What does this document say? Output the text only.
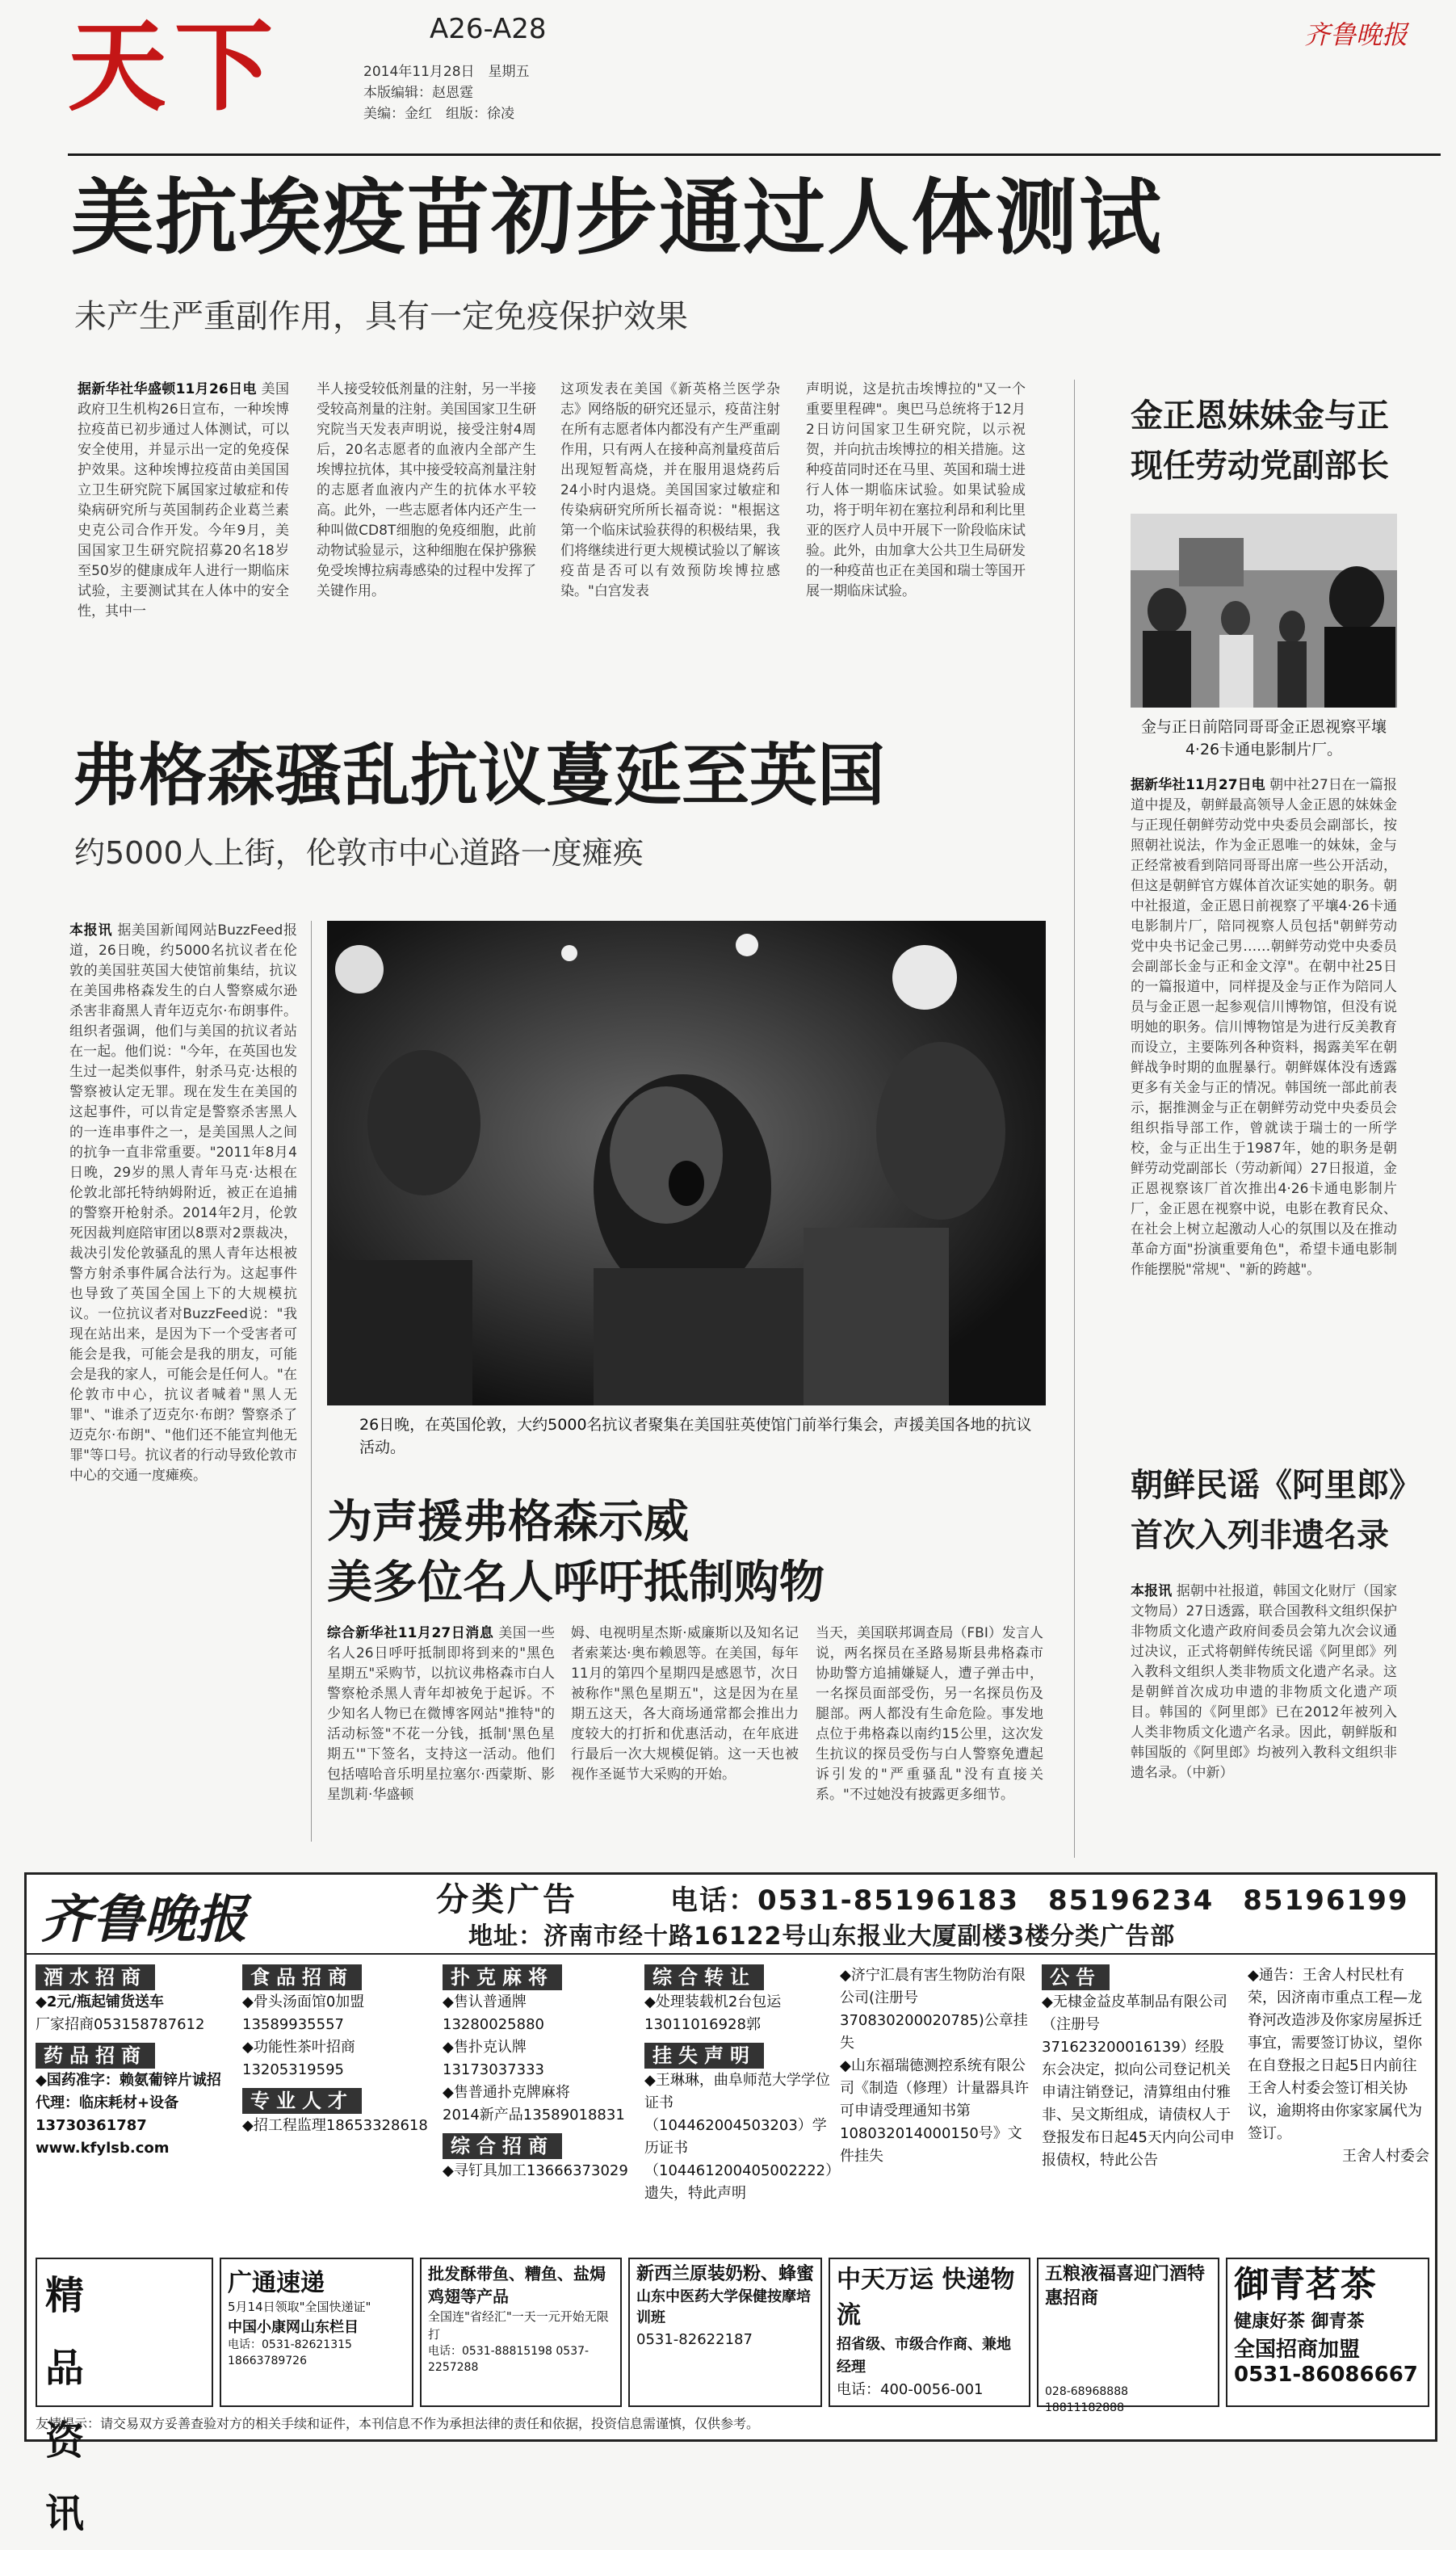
天下	A26-A28
2014年11月28日　星期五
本版编辑：赵恩霆
美编：金红　组版：徐凌
齐鲁晚报
美抗埃疫苗初步通过人体测试
未产生严重副作用，具有一定免疫保护效果
据新华社华盛顿11月26日电 美国政府卫生机构26日宣布，一种埃博拉疫苗已初步通过人体测试，可以安全使用，并显示出一定的免疫保护效果。这种埃博拉疫苗由美国国立卫生研究院下属国家过敏症和传染病研究所与英国制药企业葛兰素史克公司合作开发。今年9月，美国国家卫生研究院招募20名18岁至50岁的健康成年人进行一期临床试验，主要测试其在人体中的安全性，其中一
半人接受较低剂量的注射，另一半接受较高剂量的注射。美国国家卫生研究院当天发表声明说，接受注射4周后，20名志愿者的血液内全部产生埃博拉抗体，其中接受较高剂量注射的志愿者血液内产生的抗体水平较高。此外，一些志愿者体内还产生一种叫做CD8T细胞的免疫细胞，此前动物试验显示，这种细胞在保护猕猴免受埃博拉病毒感染的过程中发挥了关键作用。
这项发表在美国《新英格兰医学杂志》网络版的研究还显示，疫苗注射在所有志愿者体内都没有产生严重副作用，只有两人在接种高剂量疫苗后出现短暂高烧，并在服用退烧药后24小时内退烧。美国国家过敏症和传染病研究所所长福奇说："根据这第一个临床试验获得的积极结果，我们将继续进行更大规模试验以了解该疫苗是否可以有效预防埃博拉感染。"白宫发表
声明说，这是抗击埃博拉的"又一个重要里程碑"。奥巴马总统将于12月2日访问国家卫生研究院，以示祝贺，并向抗击埃博拉的相关措施。这种疫苗同时还在马里、英国和瑞士进行人体一期临床试验。如果试验成功，将于明年初在塞拉利昂和利比里亚的医疗人员中开展下一阶段临床试验。此外，由加拿大公共卫生局研发的一种疫苗也正在美国和瑞士等国开展一期临床试验。
金正恩妹妹金与正
现任劳动党副部长
金与正日前陪同哥哥金正恩视察平壤4·26卡通电影制片厂。
据新华社11月27日电 朝中社27日在一篇报道中提及，朝鲜最高领导人金正恩的妹妹金与正现任朝鲜劳动党中央委员会副部长，按照朝社说法，作为金正恩唯一的妹妹，金与正经常被看到陪同哥哥出席一些公开活动，但这是朝鲜官方媒体首次证实她的职务。朝中社报道，金正恩日前视察了平壤4·26卡通电影制片厂，陪同视察人员包括"朝鲜劳动党中央书记金己男……朝鲜劳动党中央委员会副部长金与正和金文淳"。在朝中社25日的一篇报道中，同样提及金与正作为陪同人员与金正恩一起参观信川博物馆，但没有说明她的职务。信川博物馆是为进行反美教育而设立，主要陈列各种资料，揭露美军在朝鲜战争时期的血腥暴行。朝鲜媒体没有透露更多有关金与正的情况。韩国统一部此前表示，据推测金与正在朝鲜劳动党中央委员会组织指导部工作，曾就读于瑞士的一所学校，金与正出生于1987年，她的职务是朝鲜劳动党副部长（劳动新闻）27日报道，金正恩视察该厂首次推出4·26卡通电影制片厂，金正恩在视察中说，电影在教育民众、在社会上树立起激动人心的氛围以及在推动革命方面"扮演重要角色"，希望卡通电影制作能摆脱"常规"、"新的跨越"。
朝鲜民谣《阿里郎》
首次入列非遗名录
本报讯 据朝中社报道，韩国文化财厅（国家文物局）27日透露，联合国教科文组织保护非物质文化遗产政府间委员会第九次会议通过决议，正式将朝鲜传统民谣《阿里郎》列入教科文组织人类非物质文化遗产名录。这是朝鲜首次成功申遗的非物质文化遗产项目。韩国的《阿里郎》已在2012年被列入人类非物质文化遗产名录。因此，朝鲜版和韩国版的《阿里郎》均被列入教科文组织非遗名录。（中新）
弗格森骚乱抗议蔓延至英国
约5000人上街，伦敦市中心道路一度瘫痪
本报讯 据美国新闻网站BuzzFeed报道，26日晚，约5000名抗议者在伦敦的美国驻英国大使馆前集结，抗议在美国弗格森发生的白人警察威尔逊杀害非裔黑人青年迈克尔·布朗事件。组织者强调，他们与美国的抗议者站在一起。他们说："今年，在英国也发生过一起类似事件，射杀马克·达根的警察被认定无罪。现在发生在美国的这起事件，可以肯定是警察杀害黑人的一连串事件之一，是美国黑人之间的抗争一直非常重要。"2011年8月4日晚，29岁的黑人青年马克·达根在伦敦北部托特纳姆附近，被正在追捕的警察开枪射杀。2014年2月，伦敦死因裁判庭陪审团以8票对2票裁决，裁决引发伦敦骚乱的黑人青年达根被警方射杀事件属合法行为。这起事件也导致了英国全国上下的大规模抗议。一位抗议者对BuzzFeed说："我现在站出来，是因为下一个受害者可能会是我，可能会是我的朋友，可能会是我的家人，可能会是任何人。"在伦敦市中心，抗议者喊着"黑人无罪"、"谁杀了迈克尔·布朗？警察杀了迈克尔·布朗"、"他们还不能宣判他无罪"等口号。抗议者的行动导致伦敦市中心的交通一度瘫痪。
26日晚，在英国伦敦，大约5000名抗议者聚集在美国驻英使馆门前举行集会，声援美国各地的抗议活动。
为声援弗格森示威
美多位名人呼吁抵制购物
综合新华社11月27日消息 美国一些名人26日呼吁抵制即将到来的"黑色星期五"采购节，以抗议弗格森市白人警察枪杀黑人青年却被免于起诉。不少知名人物已在微博客网站"推特"的活动标签"不花一分钱，抵制'黑色星期五'"下签名，支持这一活动。他们包括嘻哈音乐明星拉塞尔·西蒙斯、影星凯莉·华盛顿
姆、电视明星杰斯·威廉斯以及知名记者索莱达·奥布赖恩等。在美国，每年11月的第四个星期四是感恩节，次日被称作"黑色星期五"，这是因为在星期五这天，各大商场通常都会推出力度较大的打折和优惠活动，在年底进行最后一次大规模促销。这一天也被视作圣诞节大采购的开始。
当天，美国联邦调查局（FBI）发言人说，两名探员在圣路易斯县弗格森市协助警方追捕嫌疑人，遭子弹击中，一名探员面部受伤，另一名探员伤及腿部。两人都没有生命危险。事发地点位于弗格森以南约15公里，这次发生抗议的探员受伤与白人警察免遭起诉引发的"严重骚乱"没有直接关系。"不过她没有披露更多细节。
齐鲁晚报	分类广告	电话：0531-85196183　85196234　85196199
地址：济南市经十路16122号山东报业大厦副楼3楼分类广告部
酒水招商
◆2元/瓶起铺货送车
厂家招商053158787612
药品招商
◆国药准字：赖氨葡锌片诚招代理：临床耗材+设备13730361787
www.kfylsb.com
食品招商
◆骨头汤面馆0加盟
13589935557
◆功能性茶叶招商
13205319595
专业人才
◆招工程监理18653328618
扑克麻将
◆售认普通牌
13280025880
◆售扑克认牌
13173037333
◆售普通扑克牌麻将
2014新产品13589018831
综合招商
◆寻钉具加工13666373029
综合转让
◆处理装载机2台包运
13011016928郭
挂失声明
◆王琳琳，曲阜师范大学学位证书（104462004503203）学历证书（104461200405002222）遗失，特此声明
◆济宁汇晨有害生物防治有限公司(注册号370830200020785)公章挂失
◆山东福瑞德测控系统有限公司《制造（修理）计量器具许可申请受理通知书第108032014000150号》文件挂失
公告
◆无棣金益皮革制品有限公司（注册号371623200016139）经股东会决定，拟向公司登记机关申请注销登记，清算组由付雅非、吴文斯组成，请债权人于登报发布日起45天内向公司申报债权，特此公告
◆通告：王舍人村民杜有荣，因济南市重点工程—龙脊河改造涉及你家房屋拆迁事宜，需要签订协议，望你在自登报之日起5日内前往王舍人村委会签订相关协议，逾期将由你家家属代为签订。
王舍人村委会
精 品 资 讯
广通速递
5月14日领取"全国快递证"
中国小康网山东栏目
电话：0531-82621315 18663789726
批发酥带鱼、糟鱼、盐焗鸡翅等产品
全国连"省经汇"一天一元开始无限打
电话：0531-88815198 0537-2257288
新西兰原装奶粉、蜂蜜
山东中医药大学保健按摩培训班
0531-82622187
中天万运 快递物流
招省级、市级合作商、兼地经理
电话：400-0056-001
五粮液福喜迎门酒特惠招商
028-68968888　18811182888
御青茗茶
健康好茶 御青茶
全国招商加盟
0531-86086667
友情提示：请交易双方妥善查验对方的相关手续和证件，本刊信息不作为承担法律的责任和依据，投资信息需谨慎，仅供参考。
